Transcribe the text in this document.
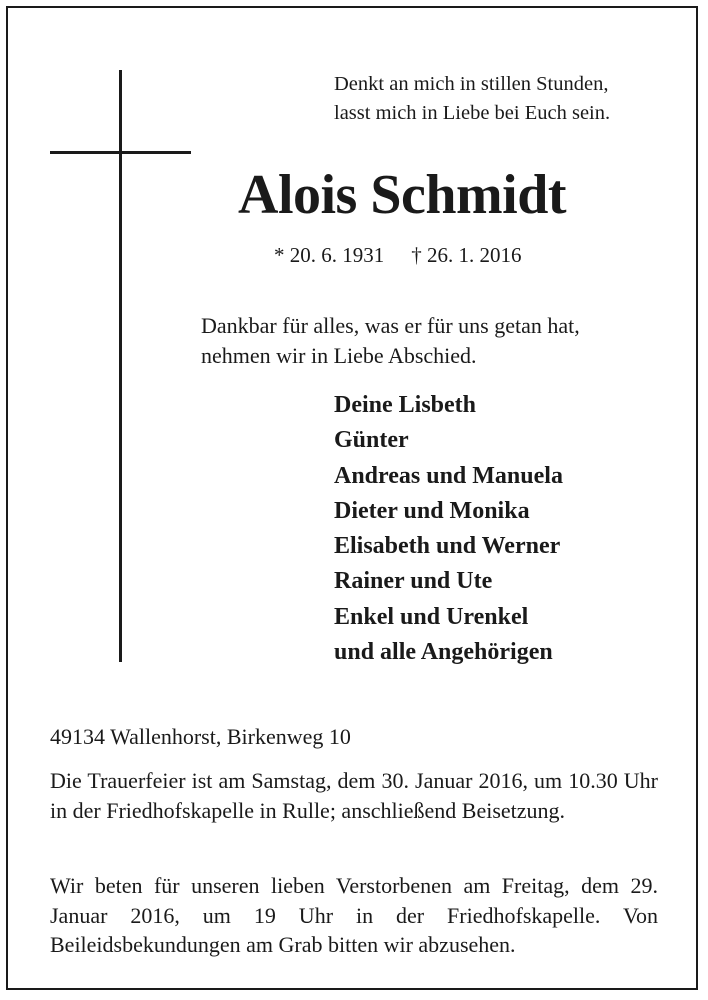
Denkt an mich in stillen Stunden,
lasst mich in Liebe bei Euch sein.
Alois Schmidt
* 20. 6. 1931 † 26. 1. 2016
Dankbar für alles, was er für uns getan hat,
nehmen wir in Liebe Abschied.
Deine Lisbeth
Günter
Andreas und Manuela
Dieter und Monika
Elisabeth und Werner
Rainer und Ute
Enkel und Urenkel
und alle Angehörigen
49134 Wallenhorst, Birkenweg 10
Die Trauerfeier ist am Samstag, dem 30. Januar 2016, um 10.30 Uhr in der Friedhofskapelle in Rulle; anschließend Beisetzung.
Wir beten für unseren lieben Verstorbenen am Freitag, dem 29. Januar 2016, um 19 Uhr in der Friedhofskapelle. Von Beileidsbekundungen am Grab bitten wir abzusehen.
